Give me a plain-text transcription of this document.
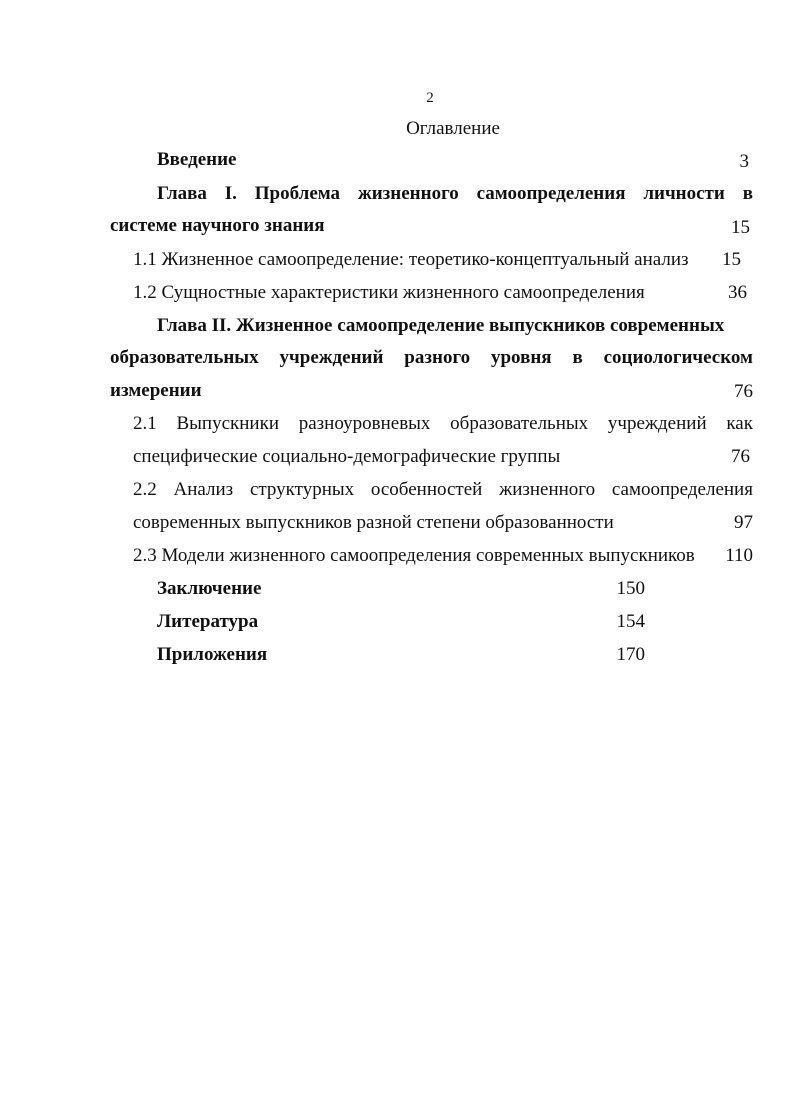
2
Оглавление
Введение	3
Глава I. Проблема жизненного самоопределения личности в
системе научного знания	15
1.1 Жизненное самоопределение: теоретико-концептуальный анализ	15
1.2 Сущностные характеристики жизненного самоопределения	36
Глава II. Жизненное самоопределение выпускников современных
образовательных учреждений разного уровня в социологическом
измерении	76
2.1 Выпускники разноуровневых образовательных учреждений как
специфические социально-демографические группы	76
2.2 Анализ структурных особенностей жизненного самоопределения
современных выпускников разной степени образованности	97
2.3 Модели жизненного самоопределения современных выпускников	110
Заключение	150
Литература	154
Приложения	170
